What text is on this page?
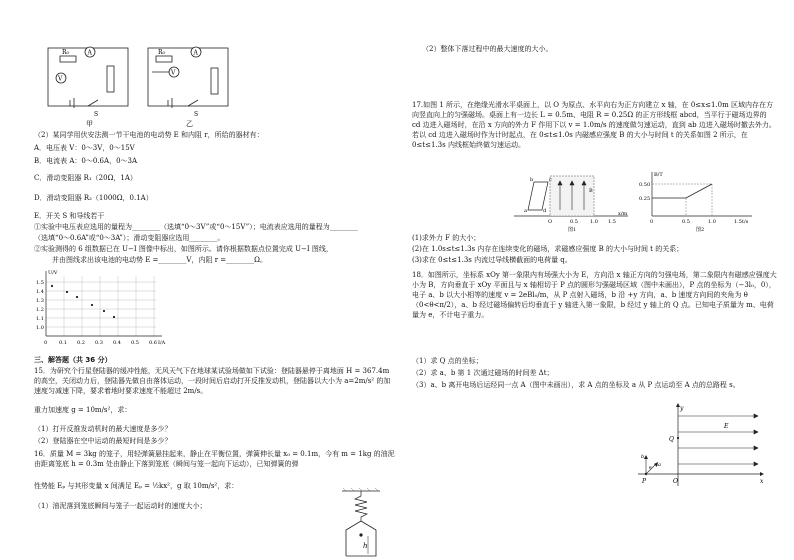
R₀
V
A
S
甲
R₀
V
A
S
乙
（2）某同学用伏安法测一节干电池的电动势 E 和内阻 r，所给的器材有：
A．电压表 V：0～3V，0～15V
B．电流表 A：0～0.6A，0～3A
C．滑动变阻器 R₁（20Ω，1A）
D．滑动变阻器 R₂（1000Ω，0.1A）
E．开关 S 和导线若干
①实验中电压表应选用的量程为________（选填“0～3V”或“0～15V”）；电流表应选用的量程为________
（选填“0～0.6A”或“0～3A”）；滑动变阻器应选用________。
②实验测得的 6 组数据已在 U−I 图像中标出，如图所示。请你根据数据点位置完成 U−I 图线，
并由图线求出该电池的电动势 E =________V，内阻 r =________Ω。
U/V
I/A
1.5
1.4
1.3
1.2
1.1
1.0
0 0.1 0.2 0.3 0.4 0.5 0.6
三、解答题（共 36 分）
15．为研究个行星登陆器的缓冲性能，无风天气下在地球某试验场做如下试验：登陆器悬停于离地面 H = 367.4m 的高空，关闭动力后，登陆器先做自由落体运动，一段时间后启动打开反推发动机，登陆器以大小为 a=2m/s² 的加速度匀减速下降，要求着地时要求速度不能超过 2m/s。
重力加速度 g = 10m/s²，求：
（1）打开反推发动机时的最大速度是多少？
（2）登陆器在空中运动的最短时间是多少？
16．质量 M = 3kg 的笼子，用轻弹簧悬挂起来，静止在平衡位置，弹簧伸长量 x₀ = 0.1m，今有 m = 1kg 的油泥由距离笼底 h = 0.3m 处由静止下落到笼底（瞬间与笼一起向下运动），已知弹簧的弹
性势能 Eₚ 与其形变量 x 间满足 Eₚ = ½kx²，g 取 10m/s²，求：
（1）油泥落到笼底瞬间与笼子一起运动时的速度大小；
h
（2）整体下落过程中的最大速度的大小。
17.如图 1 所示，在绝缘光滑水平桌面上，以 O 为原点、水平向右为正方向建立 x 轴，在 0≤x≤1.0m 区域内存在方向竖直向上的匀强磁场。桌面上有一边长 L = 0.5m、电阻 R = 0.25Ω 的正方形线框 abcd，当平行于磁场边界的 cd 边进入磁场时，在沿 x 方向的外力 F 作用下以 v = 1.0m/s 的速度做匀速运动，直到 ab 边进入磁场时撤去外力。若以 cd 边进入磁场时作为计时起点，在 0≤t≤1.0s 内磁感应强度 B 的大小与时间 t 的关系如图 2 所示，在 0≤t≤1.3s 内线框始终做匀速运动。
a
b	c
d
B
O	0.5 1.0 1.5
x/m
图1
B/T
0.50
0.25
0	0.5	1.0	1.5 t/s
图2
(1)求外力 F 的大小；
(2)在 1.0s≤t≤1.3s 内存在连续变化的磁场，求磁感应强度 B 的大小与时间 t 的关系；
(3)求在 0≤t≤1.3s 内流过导线横截面的电荷量 q。
18．如图所示，坐标系 xOy 第一象限内有场强大小为 E，方向沿 x 轴正方向的匀强电场，第二象限内有磁感应强度大小为 B，方向垂直于 xOy 平面且与 x 轴相切于 P 点的圆形匀强磁场区域（图中未画出），P 点的坐标为（−3l₀，0），电子 a、b 以大小相等的速度 v = 2eBl₀/m，从 P 点射入磁场，b 沿 +y 方向，a、b 速度方向间的夹角为 θ（0<θ<π/2），a、b 经过磁场偏转后均垂直于 y 轴进入第一象限，b 经过 y 轴上的 Q 点。已知电子质量为 m、电荷量为 e，不计电子重力。
（1）求 Q 点的坐标；
（2）求 a、b 第 1 次通过磁场的时间差 Δt；
（3）a、b 离开电场后运经同一点 A（图中未画出），求 A 点的坐标及 a 从 P 点运动至 A 点的总路程 s。
y
E
Q
b
a
P	O	x
θ
